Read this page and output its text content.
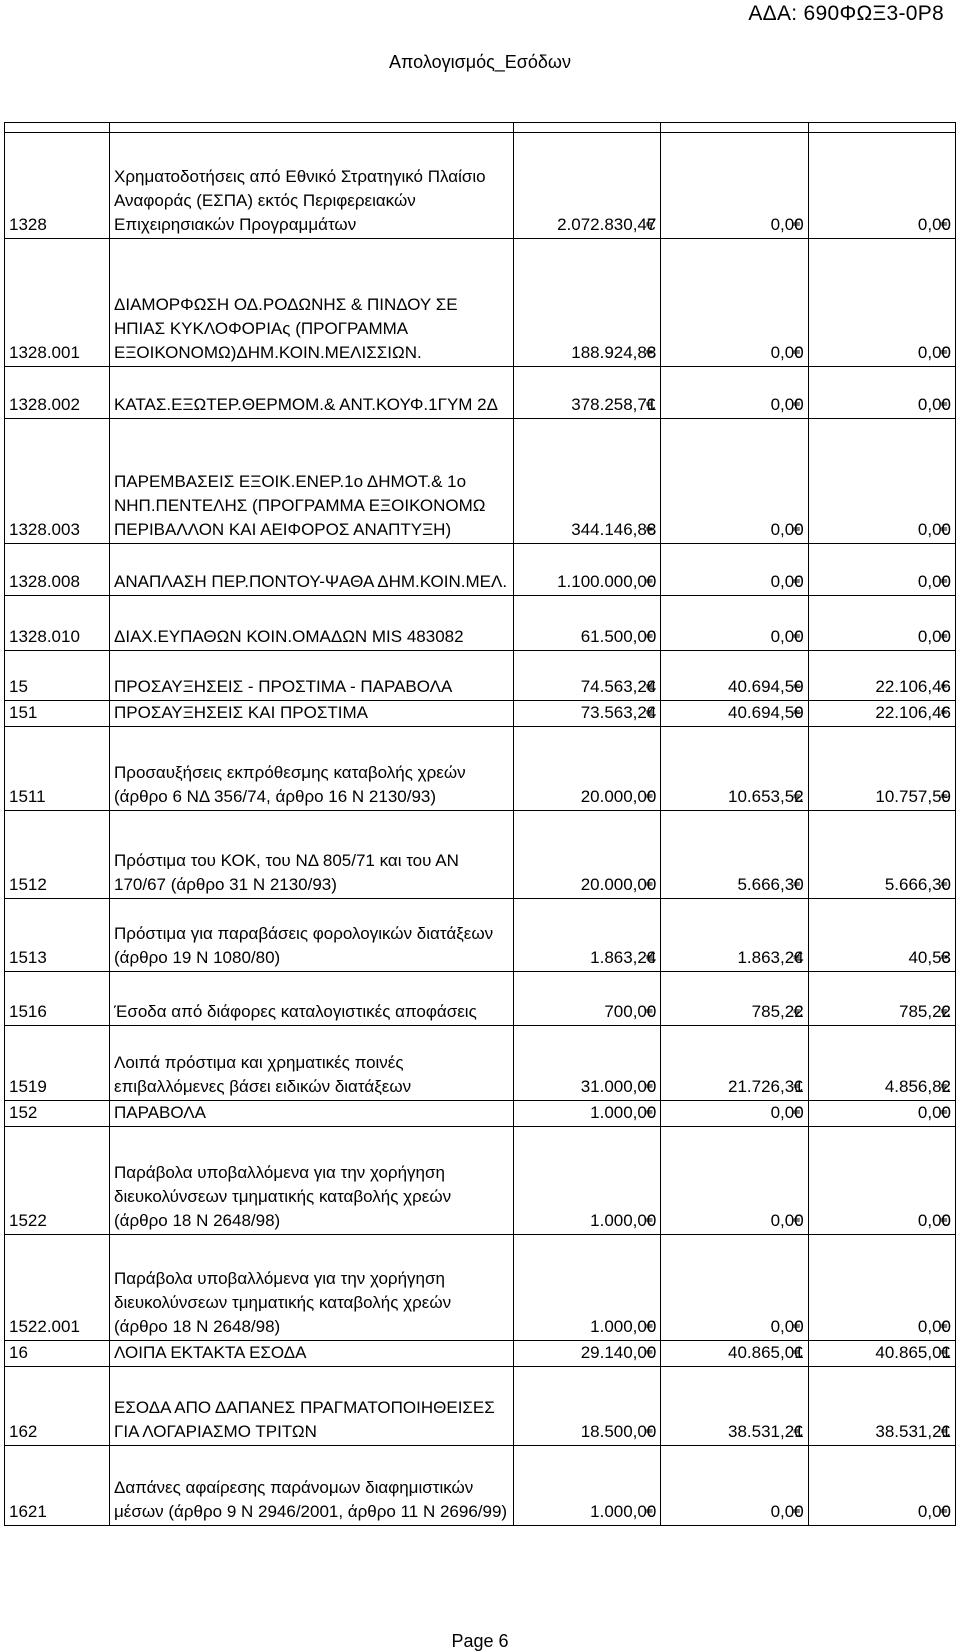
ΑΔΑ: 690ΦΩΞ3-0Ρ8
Απολογισμός_Εσόδων

1328	Χρηματοδοτήσεις από Εθνικό Στρατηγικό Πλαίσιο Αναφοράς (ΕΣΠΑ) εκτός Περιφερειακών Επιχειρησιακών Προγραμμάτων	2.072.830,47 €	0,00 €	0,00 €
1328.001	ΔΙΑΜΟΡΦΩΣΗ ΟΔ.ΡΟΔΩΝΗΣ & ΠΙΝΔΟΥ ΣΕ ΗΠΙΑΣ ΚΥΚΛΟΦΟΡΙΑς (ΠΡΟΓΡΑΜΜΑ ΕΞΟΙΚΟΝΟΜΩ)ΔΗΜ.ΚΟΙΝ.ΜΕΛΙΣΣΙΩΝ.	188.924,88 €	0,00 €	0,00 €
1328.002	ΚΑΤΑΣ.ΕΞΩΤΕΡ.ΘΕΡΜΟΜ.& ΑΝΤ.ΚΟΥΦ.1ΓΥΜ 2Δ	378.258,71 €	0,00 €	0,00 €
1328.003	ΠΑΡΕΜΒΑΣΕΙΣ ΕΞΟΙΚ.ΕΝΕΡ.1ο ΔΗΜΟΤ.& 1ο ΝΗΠ.ΠΕΝΤΕΛΗΣ (ΠΡΟΓΡΑΜΜΑ ΕΞΟΙΚΟΝΟΜΩ ΠΕΡΙΒΑΛΛΟΝ ΚΑΙ ΑΕΙΦΟΡΟΣ ΑΝΑΠΤΥΞΗ)	344.146,88 €	0,00 €	0,00 €
1328.008	ΑΝΑΠΛΑΣΗ ΠΕΡ.ΠΟΝΤΟΥ-ΨΑΘΑ ΔΗΜ.ΚΟΙΝ.ΜΕΛ.	1.100.000,00 €	0,00 €	0,00 €
1328.010	ΔΙΑΧ.ΕΥΠΑΘΩΝ ΚΟΙΝ.ΟΜΑΔΩΝ MIS 483082	61.500,00 €	0,00 €	0,00 €
15	ΠΡΟΣΑΥΞΗΣΕΙΣ - ΠΡΟΣΤΙΜΑ - ΠΑΡΑΒΟΛΑ	74.563,24 €	40.694,59 €	22.106,46 €
151	ΠΡΟΣΑΥΞΗΣΕΙΣ ΚΑΙ ΠΡΟΣΤΙΜΑ	73.563,24 €	40.694,59 €	22.106,46 €
1511	Προσαυξήσεις εκπρόθεσμης καταβολής χρεών (άρθρο 6 ΝΔ 356/74, άρθρο 16 Ν 2130/93)	20.000,00 €	10.653,52 €	10.757,59 €
1512	Πρόστιμα του ΚΟΚ, του ΝΔ 805/71 και του ΑΝ 170/67 (άρθρο 31 Ν 2130/93)	20.000,00 €	5.666,30 €	5.666,30 €
1513	Πρόστιμα για παραβάσεις φορολογικών διατάξεων (άρθρο 19 Ν 1080/80)	1.863,24 €	1.863,24 €	40,53 €
1516	Έσοδα από διάφορες καταλογιστικές αποφάσεις	700,00 €	785,22 €	785,22 €
1519	Λοιπά πρόστιμα και χρηματικές ποινές επιβαλλόμενες βάσει ειδικών διατάξεων	31.000,00 €	21.726,31 €	4.856,82 €
152	ΠΑΡΑΒΟΛΑ	1.000,00 €	0,00 €	0,00 €
1522	Παράβολα υποβαλλόμενα για την χορήγηση διευκολύνσεων τμηματικής καταβολής χρεών (άρθρο 18 Ν 2648/98)	1.000,00 €	0,00 €	0,00 €
1522.001	Παράβολα υποβαλλόμενα για την χορήγηση διευκολύνσεων τμηματικής καταβολής χρεών (άρθρο 18 Ν 2648/98)	1.000,00 €	0,00 €	0,00 €
16	ΛΟΙΠΑ ΕΚΤΑΚΤΑ ΕΣΟΔΑ	29.140,00 €	40.865,01 €	40.865,01 €
162	ΕΣΟΔΑ ΑΠΟ ΔΑΠΑΝΕΣ ΠΡΑΓΜΑΤΟΠΟΙΗΘΕΙΣΕΣ ΓΙΑ ΛΟΓΑΡΙΑΣΜΟ ΤΡΙΤΩΝ	18.500,00 €	38.531,21 €	38.531,21 €
1621	Δαπάνες αφαίρεσης παράνομων διαφημιστικών μέσων (άρθρο 9 Ν 2946/2001, άρθρο 11 Ν 2696/99)	1.000,00 €	0,00 €	0,00 €
Page 6
